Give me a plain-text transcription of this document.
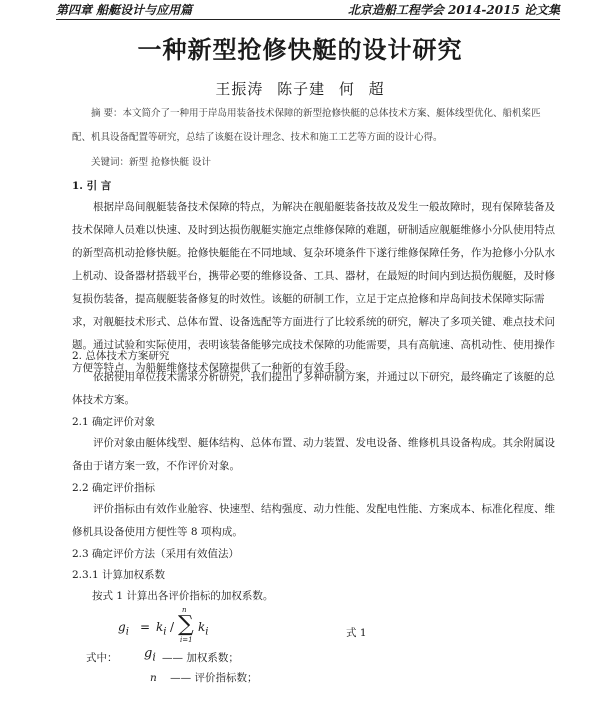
第四章 船艇设计与应用篇	北京造船工程学会 2014-2015 论文集
一种新型抢修快艇的设计研究
王振涛 陈子建 何 超

摘 要：本文简介了一种用于岸岛用装备技术保障的新型抢修快艇的总体技术方案、艇体线型优化、船机桨匹配、机具设备配置等研究，总结了该艇在设计理念、技术和施工工艺等方面的设计心得。

关键词：新型 抢修快艇 设计

1. 引 言

根据岸岛间舰艇装备技术保障的特点，为解决在舰船艇装备技故及发生一般故障时，现有保障装备及技术保障人员难以快速、及时到达损伤舰艇实施定点维修保障的难题，研制适应舰艇维修小分队使用特点的新型高机动抢修快艇。抢修快艇能在不同地域、复杂环境条件下遂行维修保障任务，作为抢修小分队水上机动、设备器材搭载平台，携带必要的维修设备、工具、器材，在最短的时间内到达损伤舰艇，及时修复损伤装备，提高舰艇装备修复的时效性。该艇的研制工作，立足于定点抢修和岸岛间技术保障实际需求，对舰艇技术形式、总体布置、设备选配等方面进行了比较系统的研究，解决了多项关键、难点技术问题。通过试验和实际使用，表明该装备能够完成技术保障的功能需要，具有高航速、高机动性、使用操作方便等特点，为船艇维修技术保障提供了一种新的有效手段。

2. 总体技术方案研究

依据使用单位技术需求分析研究，我们提出了多种研制方案，并通过以下研究，最终确定了该艇的总体技术方案。

2.1 确定评价对象

评价对象由艇体线型、艇体结构、总体布置、动力装置、发电设备、维修机具设备构成。其余附属设备由于诸方案一致，不作评价对象。

2.2 确定评价指标

评价指标由有效作业舱容、快速型、结构强度、动力性能、发配电性能、方案成本、标准化程度、维修机具设备使用方便性等 8 项构成。

2.3 确定评价方法（采用有效值法）

2.3.1 计算加权系数

按式 1 计算出各评价指标的加权系数。

$g_i = k_i$ / ∑
n
i=1
$k_i$	式 1
式中： $g_i$ —— 加权系数；
n —— 评价指标数；
